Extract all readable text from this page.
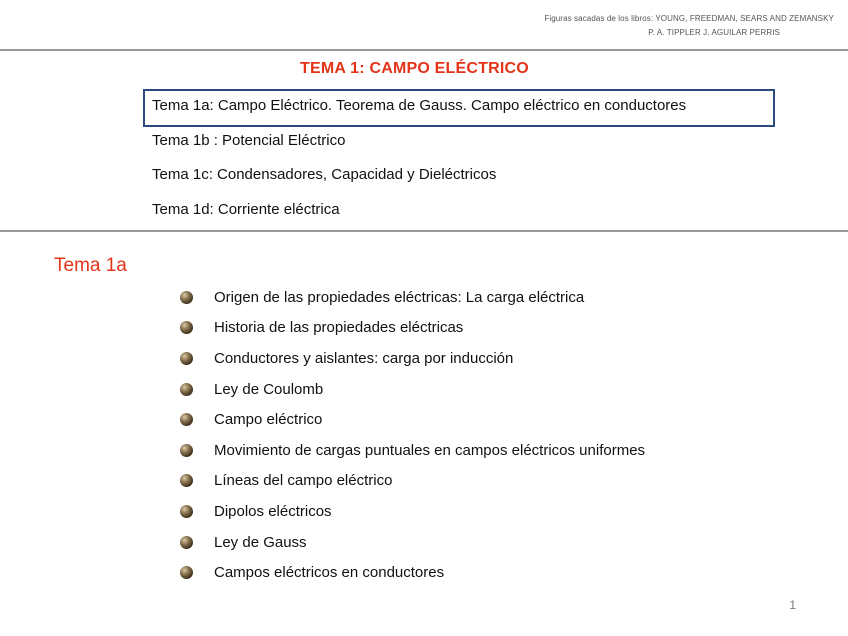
Figuras sacadas de los libros: YOUNG, FREEDMAN, SEARS AND ZEMANSKY
P. A. TIPPLER J. AGUILAR PERRIS
TEMA 1: CAMPO ELÉCTRICO
Tema 1a: Campo Eléctrico. Teorema de Gauss. Campo eléctrico en conductores
Tema 1b : Potencial Eléctrico
Tema 1c: Condensadores, Capacidad y Dieléctricos
Tema 1d: Corriente eléctrica
Tema 1a
Origen de las propiedades eléctricas: La carga eléctrica
Historia de las propiedades eléctricas
Conductores y aislantes: carga por inducción
Ley de Coulomb
Campo eléctrico
Movimiento de cargas puntuales en campos eléctricos uniformes
Líneas del campo eléctrico
Dipolos eléctricos
Ley de Gauss
Campos eléctricos en conductores
1
